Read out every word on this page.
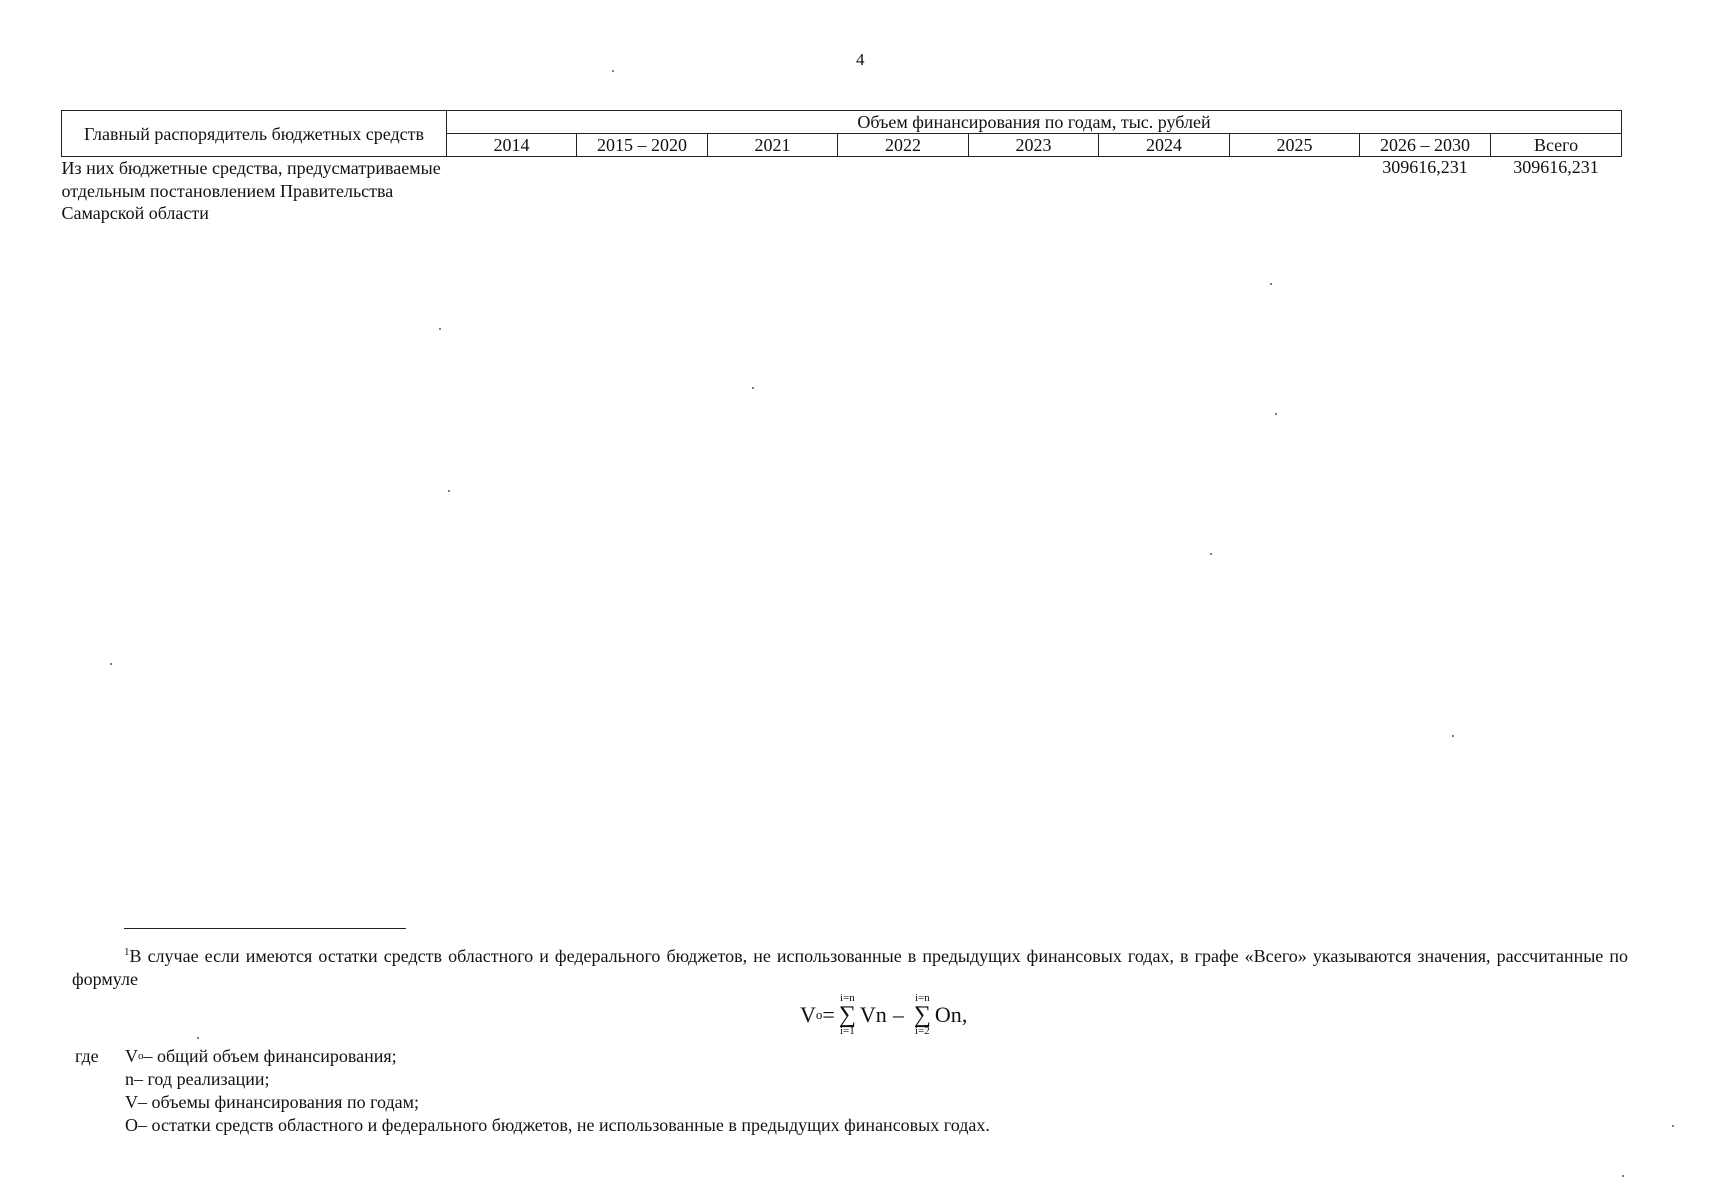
4
Главный распорядитель бюджетных средств	Объем финансирования по годам, тыс. рублей								
	2014	2015 – 2020	2021	2022	2023	2024	2025	2026 – 2030	Всего
Из них бюджетные средства, предусматриваемые отдельным постановлением Правительства Самарской области								309616,231	309616,231
$^1$В случае если имеются остатки средств областного и федерального бюджетов, не использованные в предыдущих финансовых годах, в графе «Всего» указываются значения, рассчитанные по формуле
V o =
i=n
∑
i=1
Vn –
i=n
∑
i=2
On ,
где	V о – общий объем финансирования;
n – год реализации;
V – объемы финансирования по годам;
O – остатки средств областного и федерального бюджетов, не использованные в предыдущих финансовых годах.
